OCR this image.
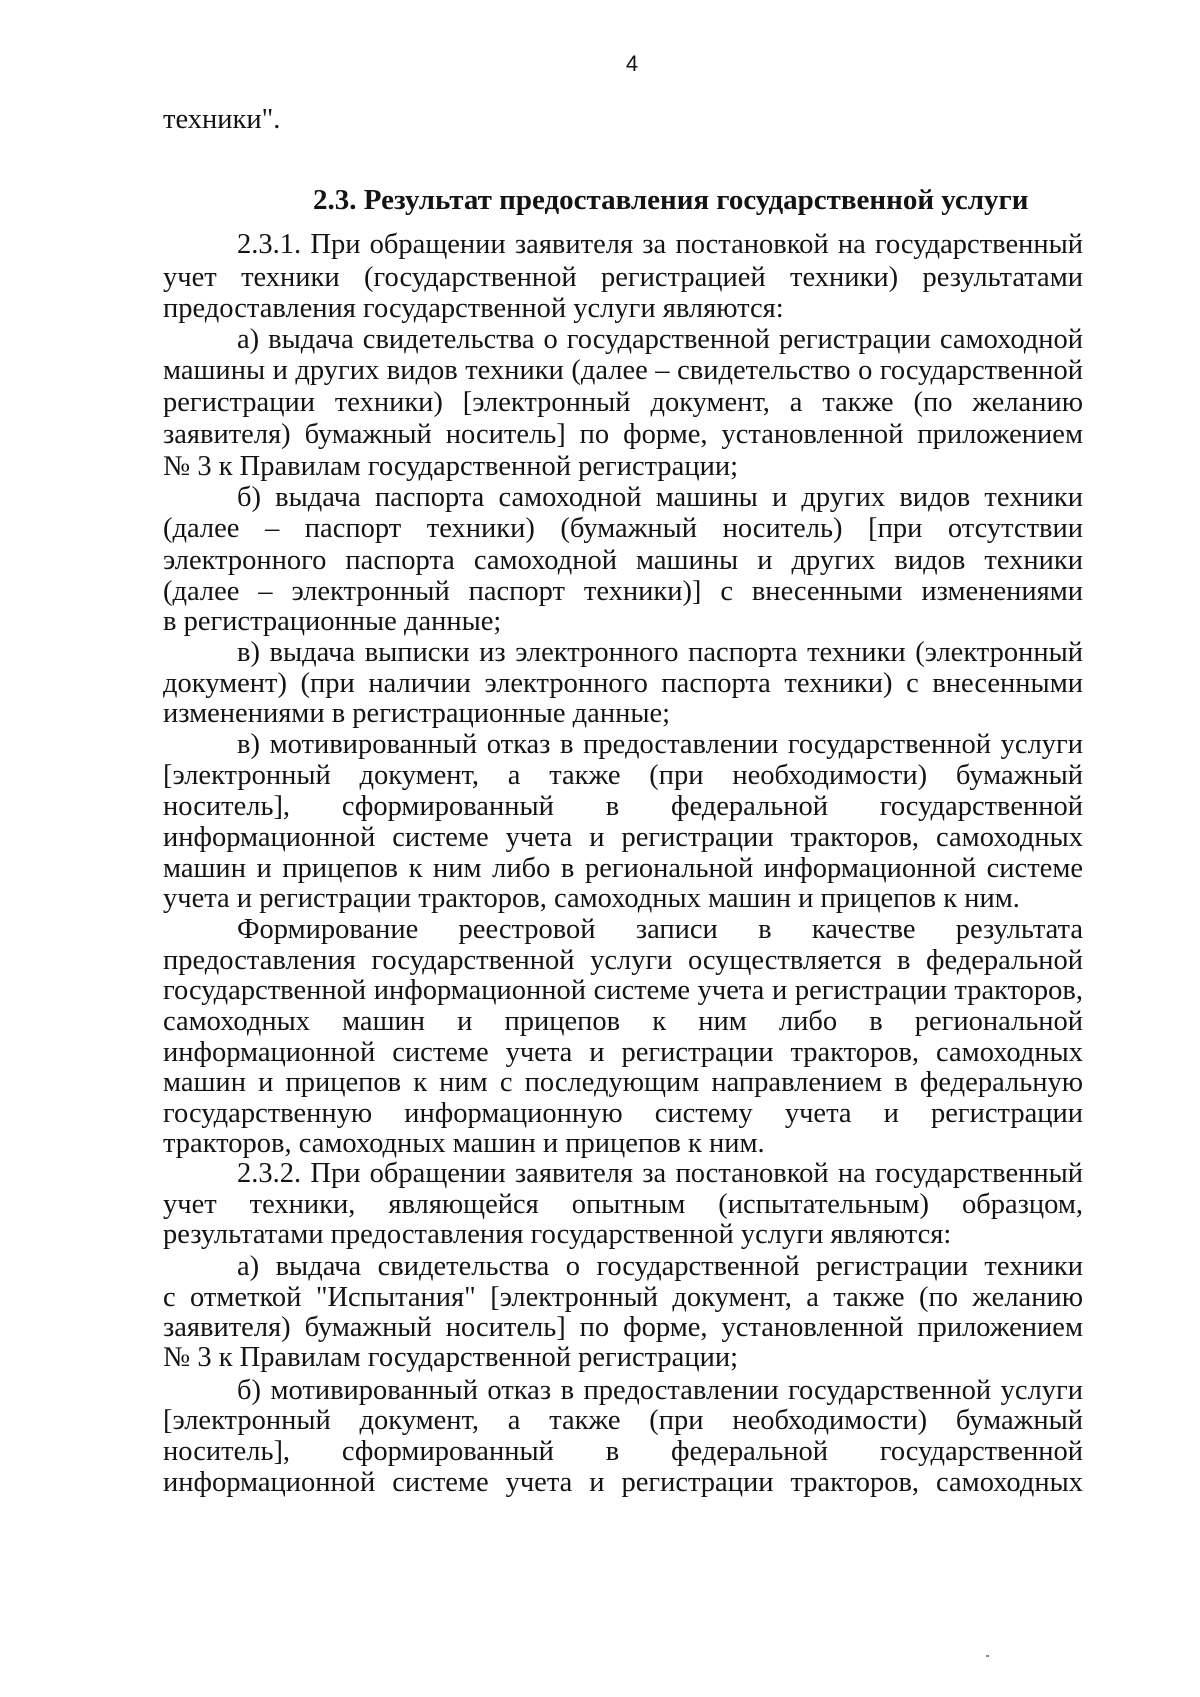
4
техники".
2.3. Результат предоставления государственной услуги
2.3.1. При обращении заявителя за постановкой на государственный
учет техники (государственной регистрацией техники) результатами
предоставления государственной услуги являются:
а) выдача свидетельства о государственной регистрации самоходной
машины и других видов техники (далее – свидетельство о государственной
регистрации техники) [электронный документ, а также (по желанию
заявителя) бумажный носитель] по форме, установленной приложением
№ 3 к Правилам государственной регистрации;
б) выдача паспорта самоходной машины и других видов техники
(далее – паспорт техники) (бумажный носитель) [при отсутствии
электронного паспорта самоходной машины и других видов техники
(далее – электронный паспорт техники)] с внесенными изменениями
в регистрационные данные;
в) выдача выписки из электронного паспорта техники (электронный
документ) (при наличии электронного паспорта техники) с внесенными
изменениями в регистрационные данные;
в) мотивированный отказ в предоставлении государственной услуги
[электронный документ, а также (при необходимости) бумажный
носитель], сформированный в федеральной государственной
информационной системе учета и регистрации тракторов, самоходных
машин и прицепов к ним либо в региональной информационной системе
учета и регистрации тракторов, самоходных машин и прицепов к ним.
Формирование реестровой записи в качестве результата
предоставления государственной услуги осуществляется в федеральной
государственной информационной системе учета и регистрации тракторов,
самоходных машин и прицепов к ним либо в региональной
информационной системе учета и регистрации тракторов, самоходных
машин и прицепов к ним с последующим направлением в федеральную
государственную информационную систему учета и регистрации
тракторов, самоходных машин и прицепов к ним.
2.3.2. При обращении заявителя за постановкой на государственный
учет техники, являющейся опытным (испытательным) образцом,
результатами предоставления государственной услуги являются:
а) выдача свидетельства о государственной регистрации техники
с отметкой "Испытания" [электронный документ, а также (по желанию
заявителя) бумажный носитель] по форме, установленной приложением
№ 3 к Правилам государственной регистрации;
б) мотивированный отказ в предоставлении государственной услуги
[электронный документ, а также (при необходимости) бумажный
носитель], сформированный в федеральной государственной
информационной системе учета и регистрации тракторов, самоходных
